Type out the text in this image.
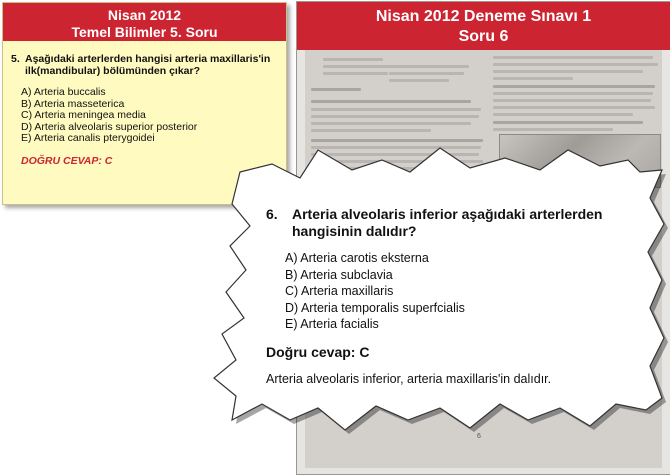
Nisan 2012
Temel Bilimler 5. Soru
5. Aşağıdaki arterlerden hangisi arteria maxillaris'in ilk(mandibular) bölümünden çıkar?
A) Arteria buccalis
B) Arteria masseterica
C) Arteria meningea media
D) Arteria alveolaris superior posterior
E) Arteria canalis pterygoidei
DOĞRU CEVAP: C
Nisan 2012 Deneme Sınavı 1
Soru 6
6
6.	Arteria alveolaris inferior aşağıdaki arterlerden hangisinin dalıdır?
A) Arteria carotis eksterna
B) Arteria subclavia
C) Arteria maxillaris
D) Arteria temporalis superfcialis
E) Arteria facialis
Doğru cevap: C
Arteria alveolaris inferior, arteria maxillaris'in dalıdır.
